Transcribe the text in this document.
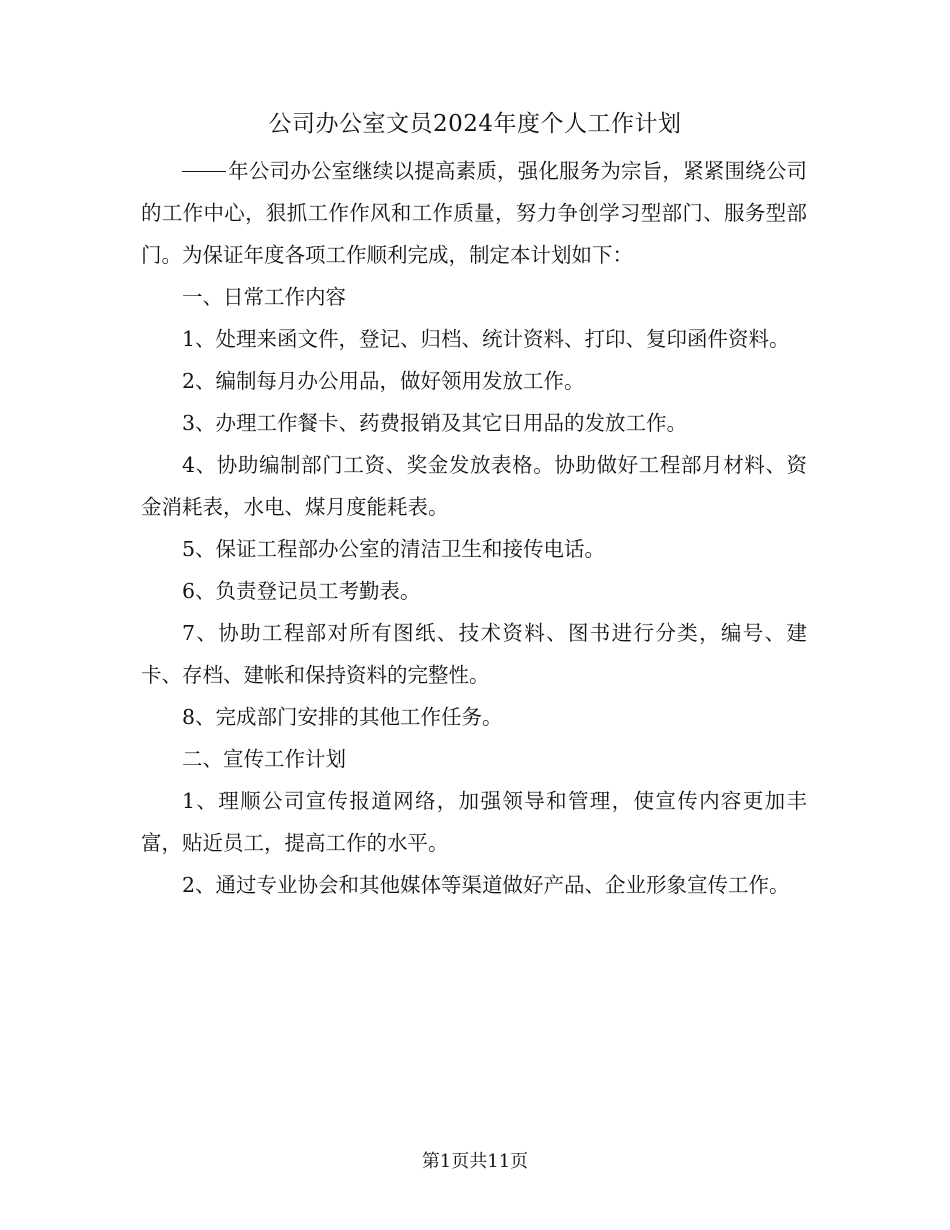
公司办公室文员2024年度个人工作计划

年公司办公室继续以提高素质，强化服务为宗旨，紧紧围绕公司的工作中心，狠抓工作作风和工作质量，努力争创学习型部门、服务型部门。为保证年度各项工作顺利完成，制定本计划如下：

一、日常工作内容

1、处理来函文件，登记、归档、统计资料、打印、复印函件资料。

2、编制每月办公用品，做好领用发放工作。

3、办理工作餐卡、药费报销及其它日用品的发放工作。

4、协助编制部门工资、奖金发放表格。协助做好工程部月材料、资金消耗表，水电、煤月度能耗表。

5、保证工程部办公室的清洁卫生和接传电话。

6、负责登记员工考勤表。

7、协助工程部对所有图纸、技术资料、图书进行分类，编号、建卡、存档、建帐和保持资料的完整性。

8、完成部门安排的其他工作任务。

二、宣传工作计划

1、理顺公司宣传报道网络，加强领导和管理，使宣传内容更加丰富，贴近员工，提高工作的水平。

2、通过专业协会和其他媒体等渠道做好产品、企业形象宣传工作。

第1页共11页
